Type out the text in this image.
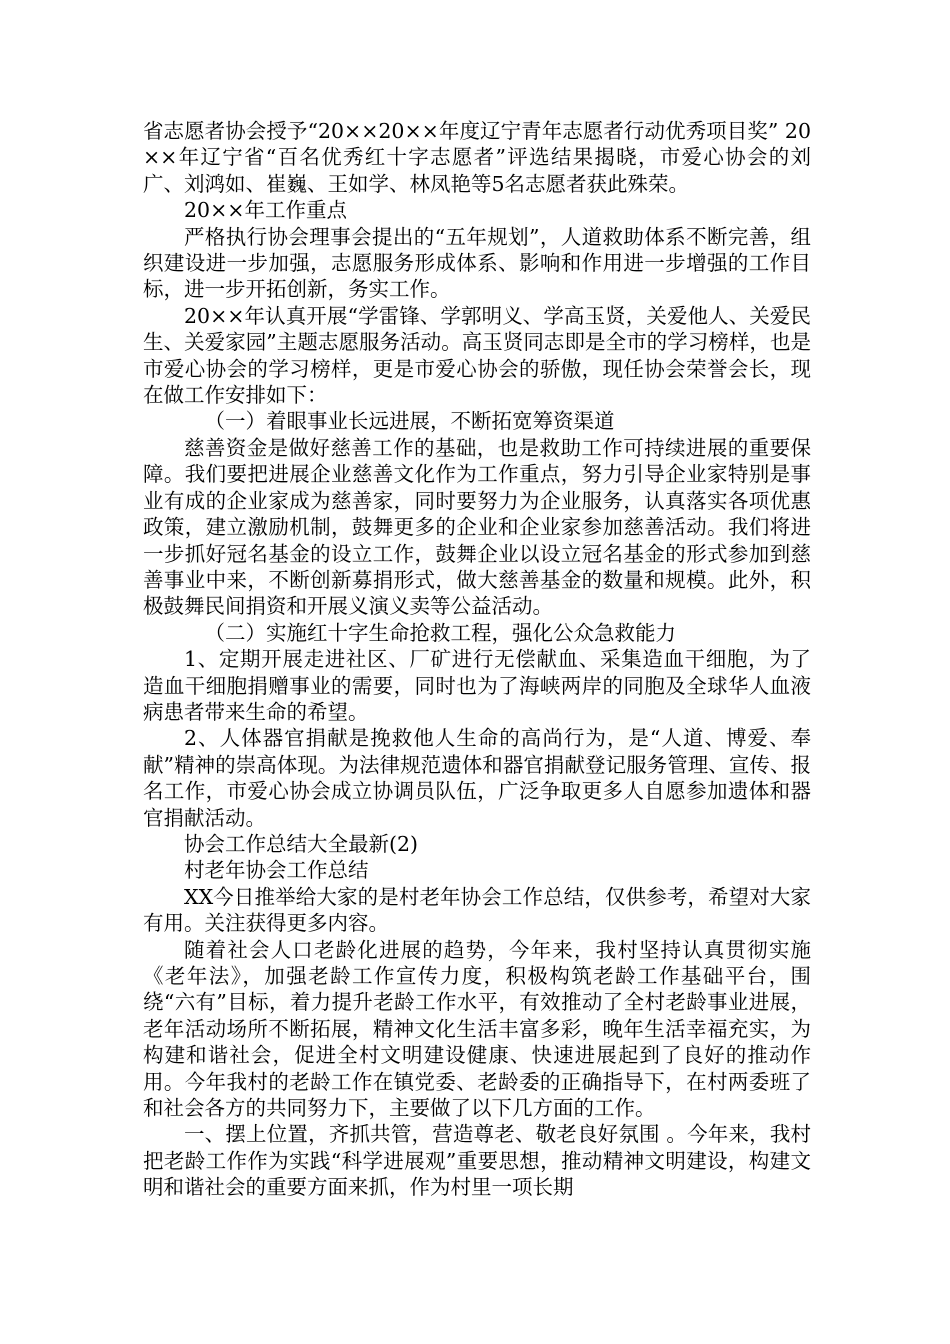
省志愿者协会授予“20××20××年度辽宁青年志愿者行动优秀项目奖” 20××年辽宁省“百名优秀红十字志愿者”评选结果揭晓，市爱心协会的刘广、刘鸿如、崔巍、王如学、林凤艳等5名志愿者获此殊荣。

20××年工作重点

严格执行协会理事会提出的“五年规划”，人道救助体系不断完善，组织建设进一步加强，志愿服务形成体系、影响和作用进一步增强的工作目标，进一步开拓创新，务实工作。

20××年认真开展“学雷锋、学郭明义、学高玉贤，关爱他人、关爱民生、关爱家园”主题志愿服务活动。高玉贤同志即是全市的学习榜样，也是市爱心协会的学习榜样，更是市爱心协会的骄傲，现任协会荣誉会长，现在做工作安排如下：

（一）着眼事业长远进展，不断拓宽筹资渠道

慈善资金是做好慈善工作的基础，也是救助工作可持续进展的重要保障。我们要把进展企业慈善文化作为工作重点，努力引导企业家特别是事业有成的企业家成为慈善家，同时要努力为企业服务，认真落实各项优惠政策，建立激励机制，鼓舞更多的企业和企业家参加慈善活动。我们将进一步抓好冠名基金的设立工作，鼓舞企业以设立冠名基金的形式参加到慈善事业中来，不断创新募捐形式，做大慈善基金的数量和规模。此外，积极鼓舞民间捐资和开展义演义卖等公益活动。

（二）实施红十字生命抢救工程，强化公众急救能力

1、定期开展走进社区、厂矿进行无偿献血、采集造血干细胞，为了造血干细胞捐赠事业的需要，同时也为了海峡两岸的同胞及全球华人血液病患者带来生命的希望。

2、人体器官捐献是挽救他人生命的高尚行为，是“人道、博爱、奉献”精神的崇高体现。为法律规范遗体和器官捐献登记服务管理、宣传、报名工作，市爱心协会成立协调员队伍，广泛争取更多人自愿参加遗体和器官捐献活动。

协会工作总结大全最新(2)

村老年协会工作总结

XX今日推举给大家的是村老年协会工作总结，仅供参考，希望对大家有用。关注获得更多内容。

随着社会人口老龄化进展的趋势，今年来，我村坚持认真贯彻实施《老年法》，加强老龄工作宣传力度，积极构筑老龄工作基础平台，围绕“六有”目标，着力提升老龄工作水平，有效推动了全村老龄事业进展，老年活动场所不断拓展，精神文化生活丰富多彩，晚年生活幸福充实，为构建和谐社会，促进全村文明建设健康、快速进展起到了良好的推动作用。今年我村的老龄工作在镇党委、老龄委的正确指导下，在村两委班了和社会各方的共同努力下，主要做了以下几方面的工作。

一、摆上位置，齐抓共管，营造尊老、敬老良好氛围 。今年来，我村把老龄工作作为实践“科学进展观”重要思想，推动精神文明建设，构建文明和谐社会的重要方面来抓，作为村里一项长期
